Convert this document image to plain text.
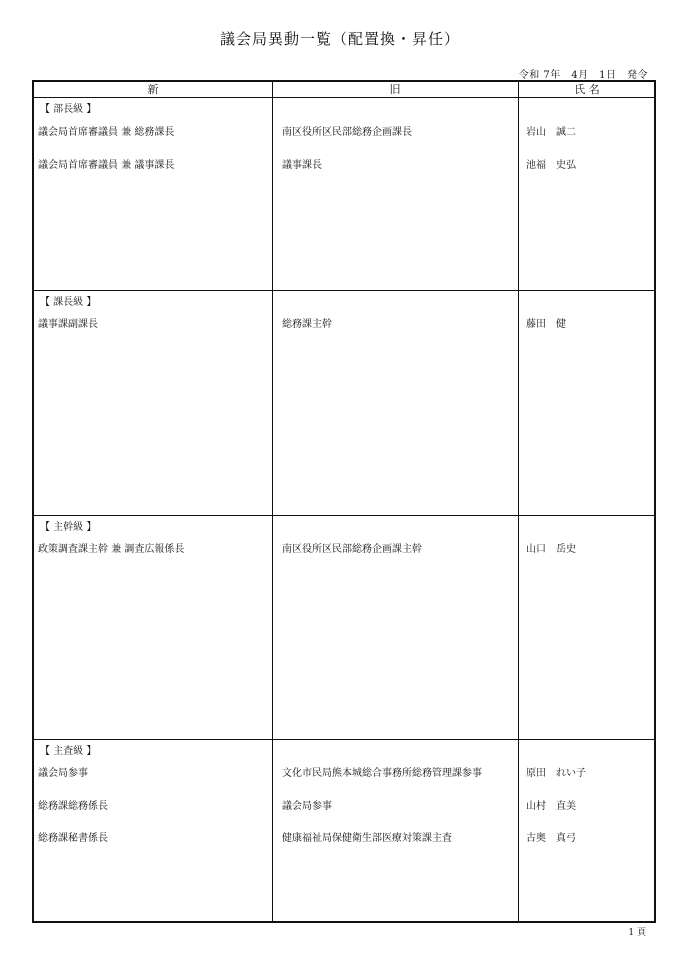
議会局異動一覧（配置換・昇任）
令和 7年　4月　1日　発令
新	旧	氏 名
【 部長級 】
議会局首席審議員 兼 総務課長	南区役所区民部総務企画課長	岩山　誠二
議会局首席審議員 兼 議事課長	議事課長	池福　史弘
【 課長級 】
議事課副課長	総務課主幹	藤田　健
【 主幹級 】
政策調査課主幹 兼 調査広報係長	南区役所区民部総務企画課主幹	山口　岳史
【 主査級 】
議会局参事	文化市民局熊本城総合事務所総務管理課参事	原田　れい子
総務課総務係長	議会局参事	山村　直美
総務課秘書係長	健康福祉局保健衛生部医療対策課主査	古奥　真弓
1 頁
